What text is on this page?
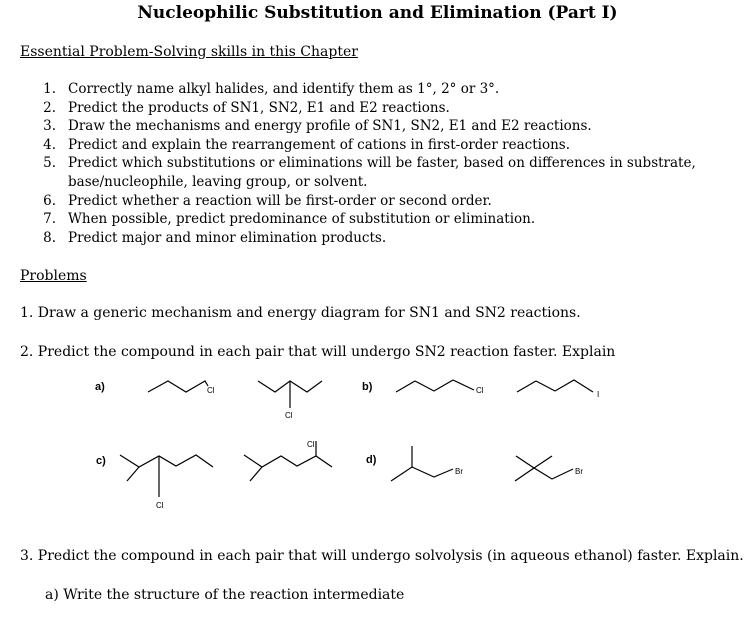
Nucleophilic Substitution and Elimination (Part I)
Essential Problem-Solving skills in this Chapter
1. Correctly name alkyl halides, and identify them as 1°, 2° or 3°.
2. Predict the products of SN1, SN2, E1 and E2 reactions.
3. Draw the mechanisms and energy profile of SN1, SN2, E1 and E2 reactions.
4. Predict and explain the rearrangement of cations in first-order reactions.
5. Predict which substitutions or eliminations will be faster, based on differences in substrate,
base/nucleophile, leaving group, or solvent.
6. Predict whether a reaction will be first-order or second order.
7. When possible, predict predominance of substitution or elimination.
8. Predict major and minor elimination products.
Problems
1. Draw a generic mechanism and energy diagram for SN1 and SN2 reactions.
2. Predict the compound in each pair that will undergo SN2 reaction faster. Explain
a)	b)
c)	d)
Cl
Cl
Cl	I
Cl
Cl
Br	Br
3. Predict the compound in each pair that will undergo solvolysis (in aqueous ethanol) faster. Explain.
a) Write the structure of the reaction intermediate
